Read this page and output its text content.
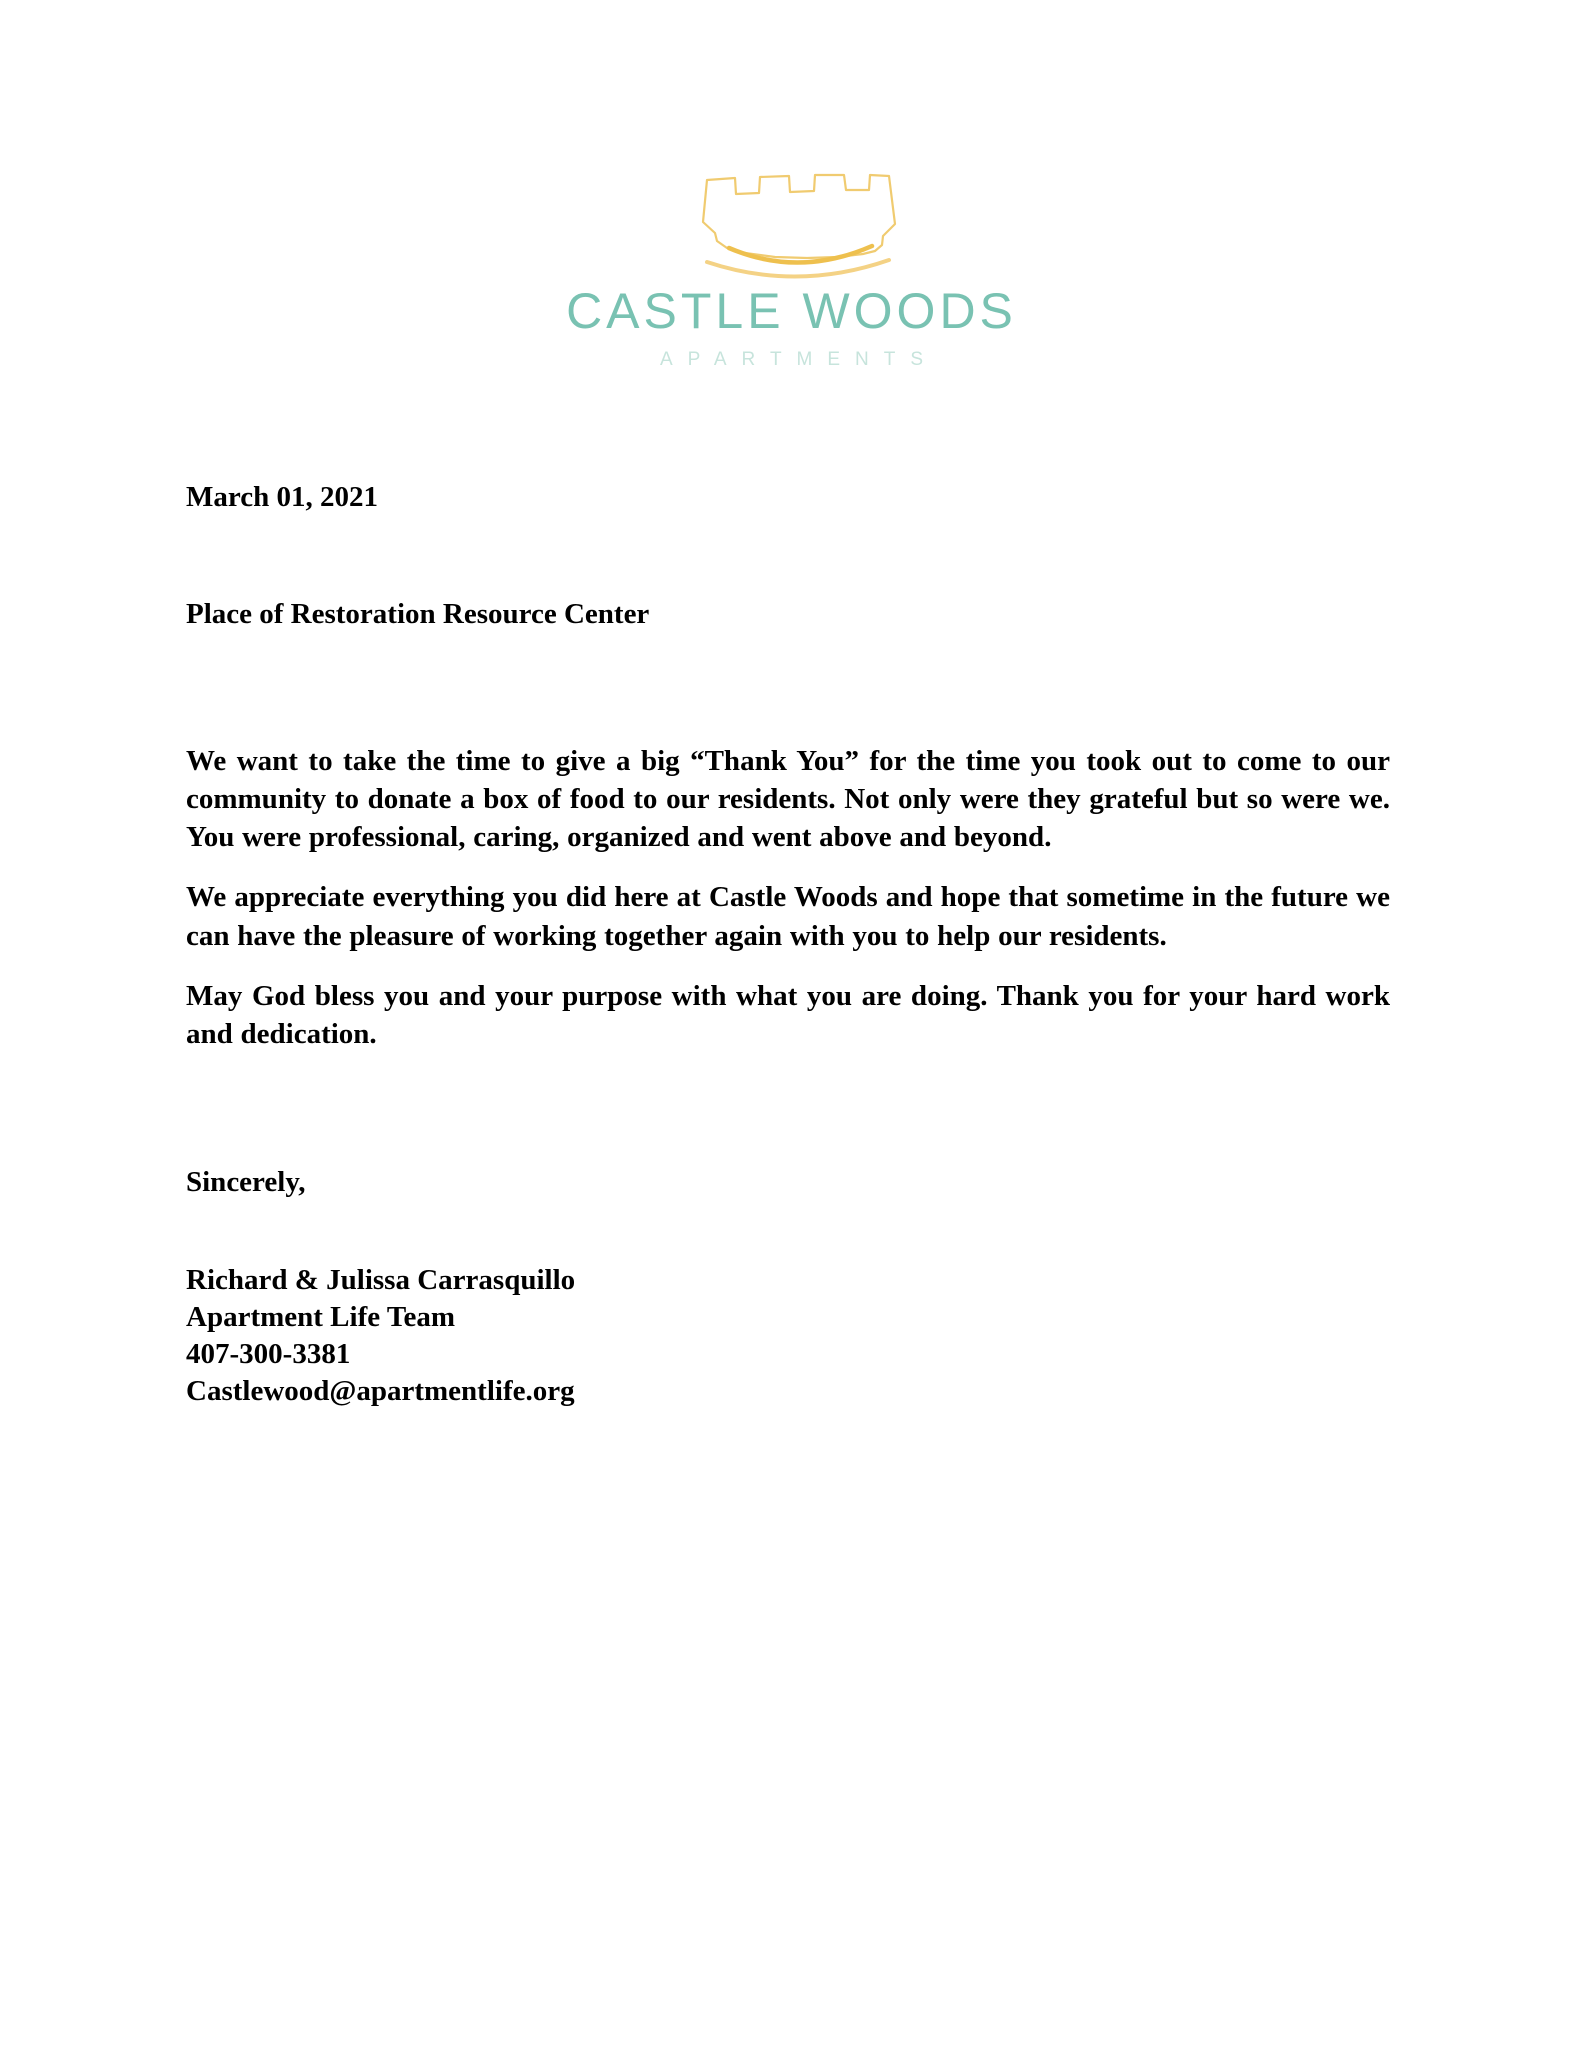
CASTLE WOODS
APARTMENTS

March 01, 2021

Place of Restoration Resource Center

We want to take the time to give a big “Thank You” for the time you took out to come to our community to donate a box of food to our residents. Not only were they grateful but so were we. You were professional, caring, organized and went above and beyond.

We appreciate everything you did here at Castle Woods and hope that sometime in the future we can have the pleasure of working together again with you to help our residents.

May God bless you and your purpose with what you are doing. Thank you for your hard work and dedication.

Sincerely,

Richard & Julissa Carrasquillo

Apartment Life Team

407-300-3381

Castlewood@apartmentlife.org
